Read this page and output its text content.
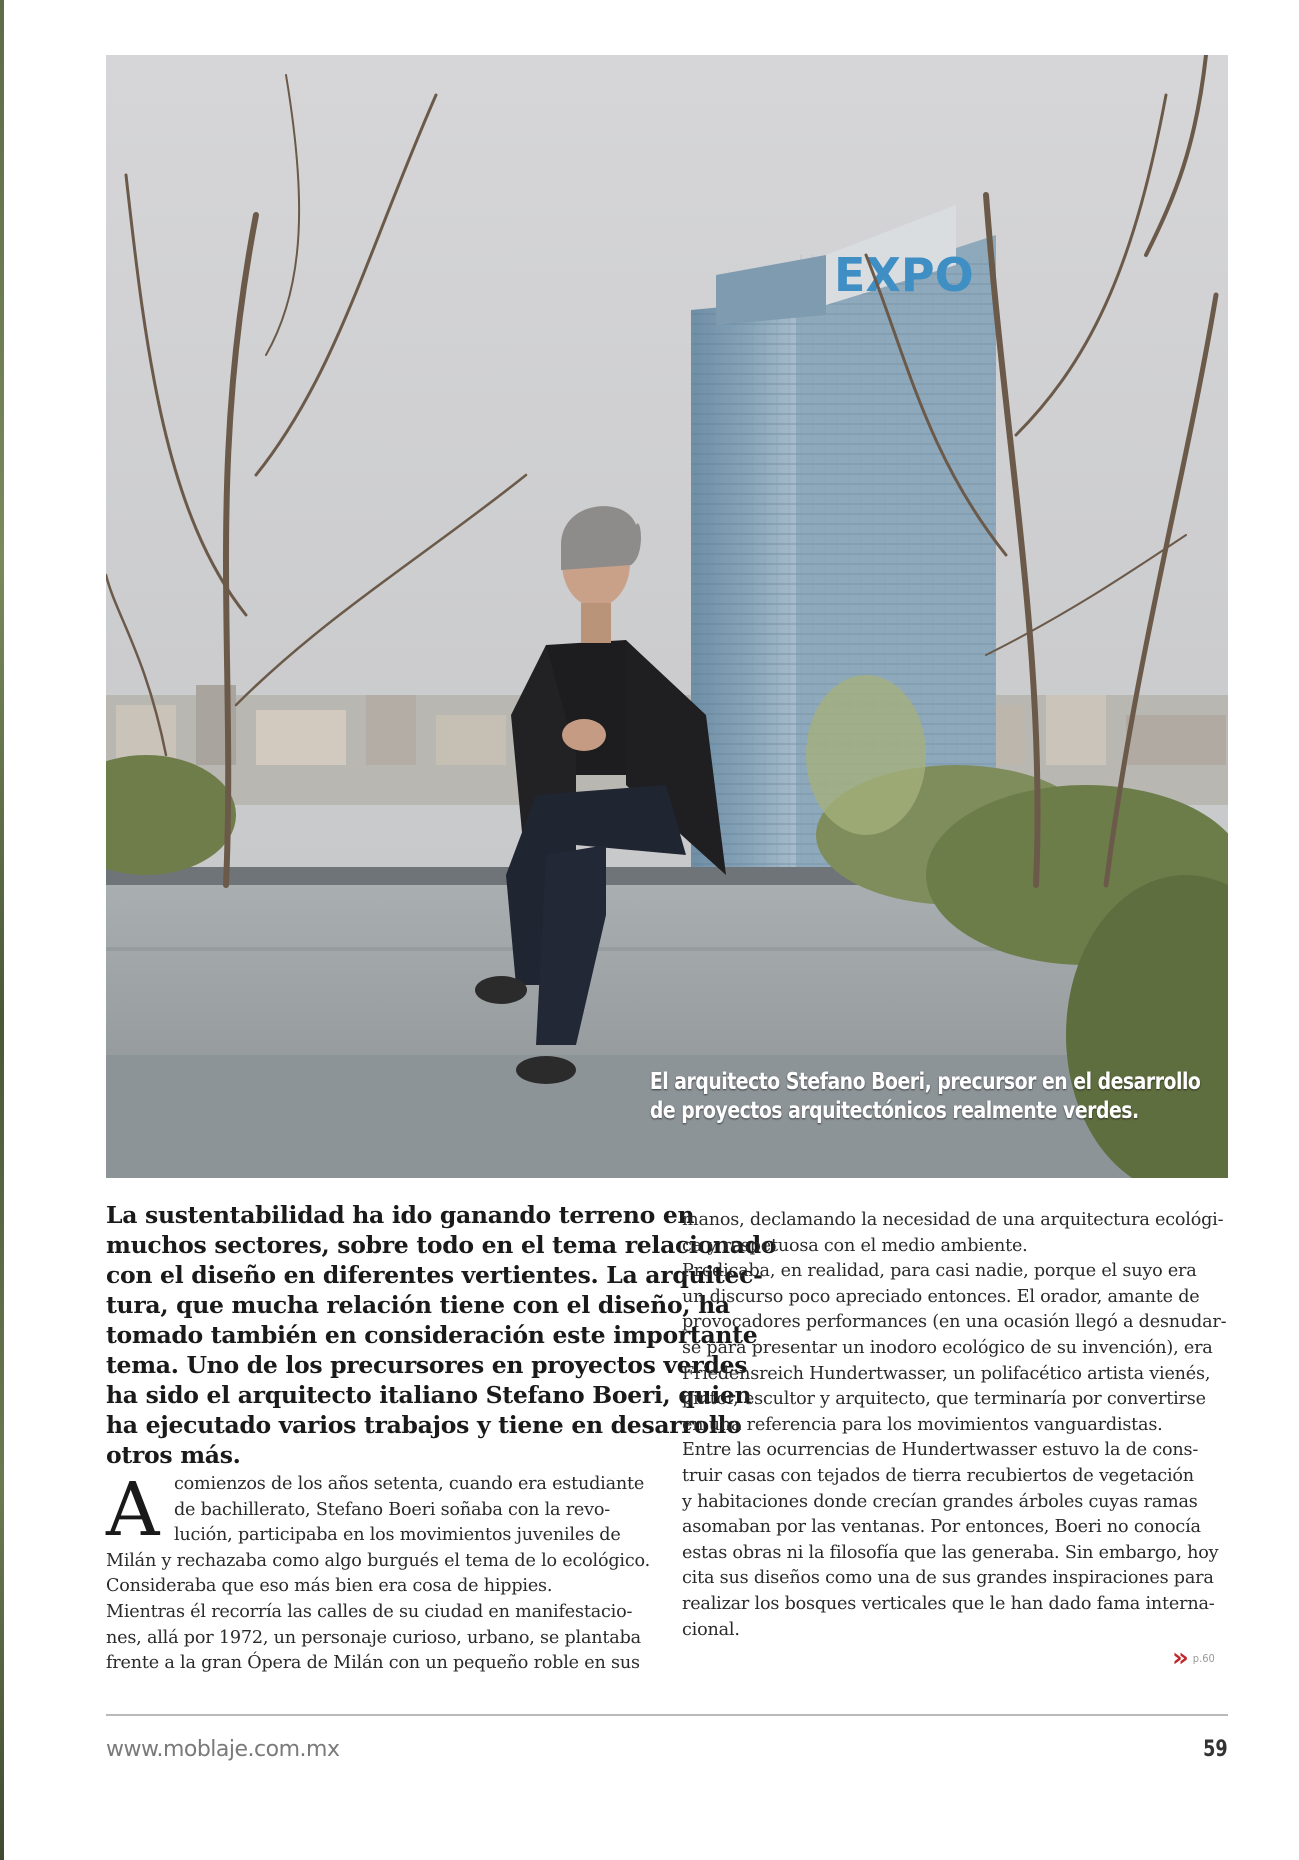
EXPO
El arquitecto Stefano Boeri, precursor en el desarrollo
de proyectos arquitectónicos realmente verdes.
La sustentabilidad ha ido ganando terreno en
muchos sectores, sobre todo en el tema relacionado
con el diseño en diferentes vertientes. La arquitec-
tura, que mucha relación tiene con el diseño, ha
tomado también en consideración este importante
tema. Uno de los precursores en proyectos verdes
ha sido el arquitecto italiano Stefano Boeri, quien
ha ejecutado varios trabajos y tiene en desarrollo
otros más.
A comienzos de los años setenta, cuando era estudiante
de bachillerato, Stefano Boeri soñaba con la revo-
lución, participaba en los movimientos juveniles de
Milán y rechazaba como algo burgués el tema de lo ecológico.
Consideraba que eso más bien era cosa de hippies.
Mientras él recorría las calles de su ciudad en manifestacio-
nes, allá por 1972, un personaje curioso, urbano, se plantaba
frente a la gran Ópera de Milán con un pequeño roble en sus
manos, declamando la necesidad de una arquitectura ecológi-
ca y respetuosa con el medio ambiente.
Predicaba, en realidad, para casi nadie, porque el suyo era
un discurso poco apreciado entonces. El orador, amante de
provocadores performances (en una ocasión llegó a desnudar-
se para presentar un inodoro ecológico de su invención), era
Friedensreich Hundertwasser, un polifacético artista vienés,
pintor, escultor y arquitecto, que terminaría por convertirse
en una referencia para los movimientos vanguardistas.
Entre las ocurrencias de Hundertwasser estuvo la de cons-
truir casas con tejados de tierra recubiertos de vegetación
y habitaciones donde crecían grandes árboles cuyas ramas
asomaban por las ventanas. Por entonces, Boeri no conocía
estas obras ni la filosofía que las generaba. Sin embargo, hoy
cita sus diseños como una de sus grandes inspiraciones para
realizar los bosques verticales que le han dado fama interna-
cional.
» p.60
www.moblaje.com.mx	59
